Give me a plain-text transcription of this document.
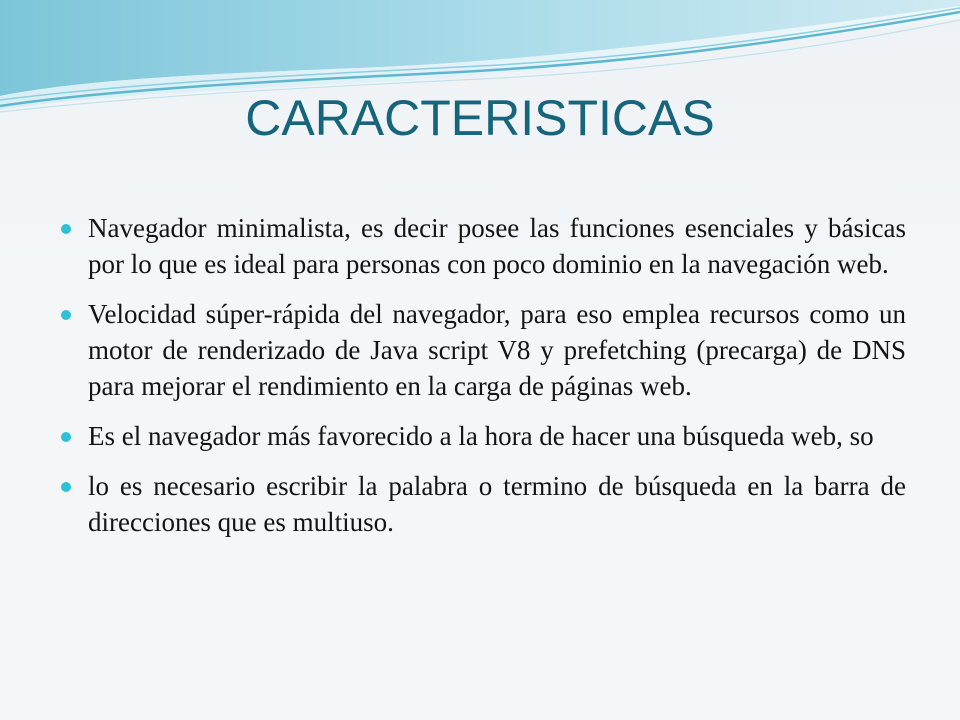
CARACTERISTICAS
Navegador minimalista, es decir posee las funciones esenciales y básicas por lo que es ideal para personas con poco dominio en la navegación web.
Velocidad súper-rápida del navegador, para eso emplea recursos como un motor de renderizado de Java script V8 y prefetching (precarga) de DNS para mejorar el rendimiento en la carga de páginas web.
Es el navegador más favorecido a la hora de hacer una búsqueda web, so
lo es necesario escribir la palabra o termino de búsqueda en la barra de direcciones que es multiuso.
